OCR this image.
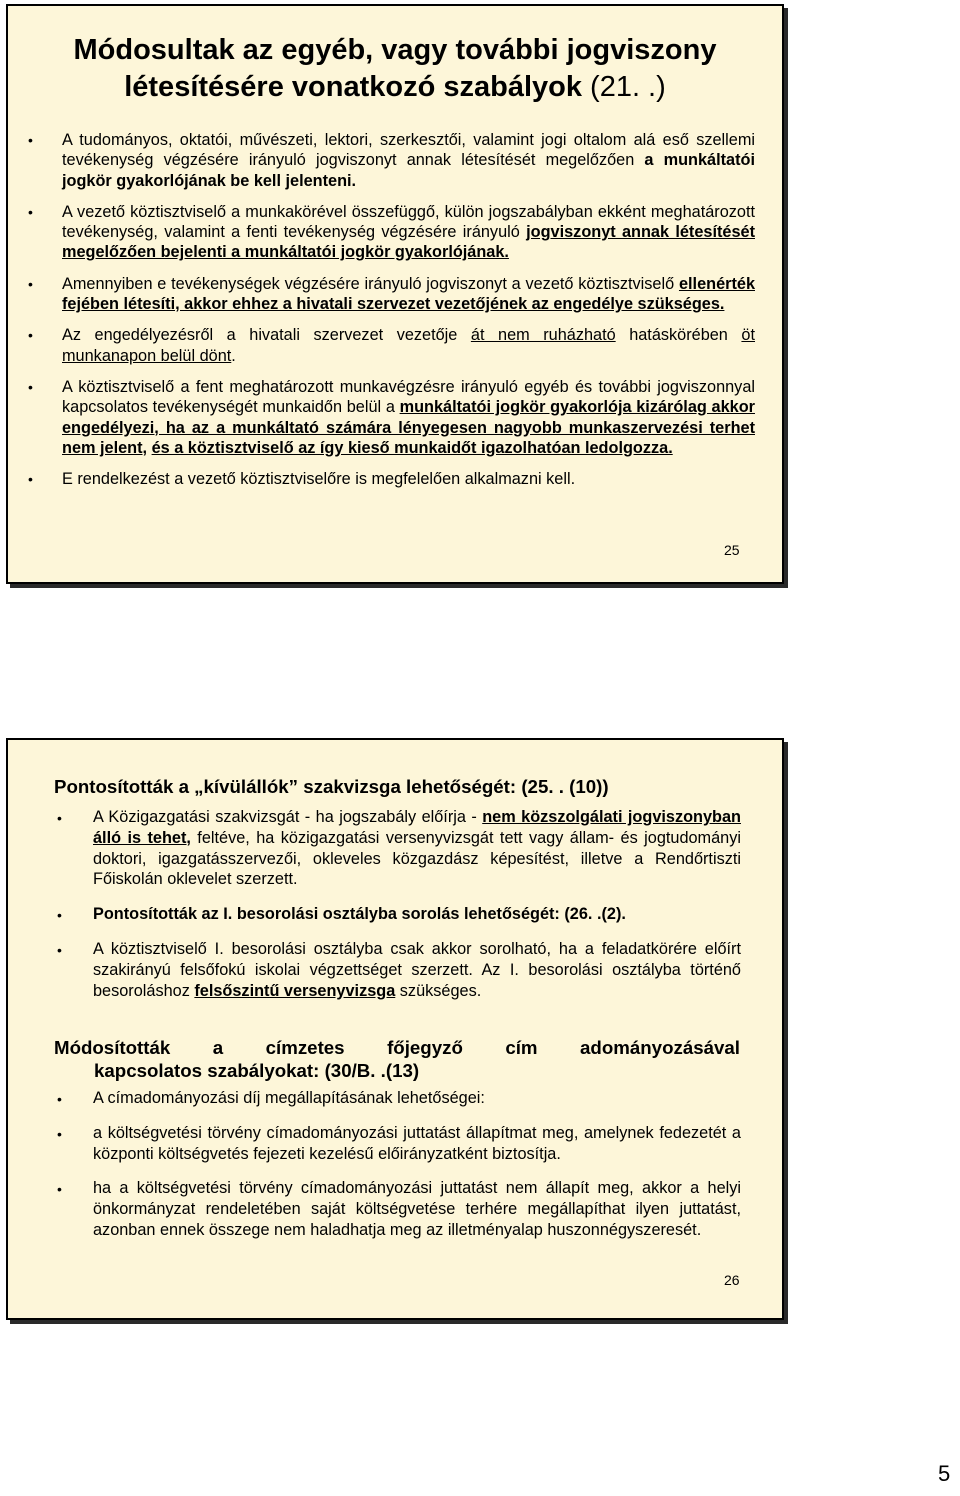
Módosultak az egyéb, vagy további jogviszony
létesítésére vonatkozó szabályok (21. .)
• A tudományos, oktatói, művészeti, lektori, szerkesztői, valamint jogi oltalom alá eső szellemi tevékenység végzésére irányuló jogviszonyt annak létesítését megelőzően a munkáltatói jogkör gyakorlójának be kell jelenteni.
• A vezető köztisztviselő a munkakörével összefüggő, külön jogszabályban ekként meghatározott tevékenység, valamint a fenti tevékenység végzésére irányuló jogviszonyt annak létesítését megelőzően bejelenti a munkáltatói jogkör gyakorlójának.
• Amennyiben e tevékenységek végzésére irányuló jogviszonyt a vezető köztisztviselő ellenérték fejében létesíti, akkor ehhez a hivatali szervezet vezetőjének az engedélye szükséges.
• Az engedélyezésről a hivatali szervezet vezetője át nem ruházható hatáskörében öt munkanapon belül dönt.
• A köztisztviselő a fent meghatározott munkavégzésre irányuló egyéb és további jogviszonnyal kapcsolatos tevékenységét munkaidőn belül a munkáltatói jogkör gyakorlója kizárólag akkor engedélyezi, ha az a munkáltató számára lényegesen nagyobb munkaszervezési terhet nem jelent, és a köztisztviselő az így kieső munkaidőt igazolhatóan ledolgozza.
• E rendelkezést a vezető köztisztviselőre is megfelelően alkalmazni kell.
25
Pontosították a „kívülállók” szakvizsga lehetőségét: (25. . (10))
• A Közigazgatási szakvizsgát - ha jogszabály előírja - nem közszolgálati jogviszonyban álló is tehet, feltéve, ha közigazgatási versenyvizsgát tett vagy állam- és jogtudományi doktori, igazgatásszervezői, okleveles közgazdász képesítést, illetve a Rendőrtiszti Főiskolán oklevelet szerzett.
• Pontosították az I. besorolási osztályba sorolás lehetőségét: (26. .(2).
• A köztisztviselő I. besorolási osztályba csak akkor sorolható, ha a feladatkörére előírt szakirányú felsőfokú iskolai végzettséget szerzett. Az I. besorolási osztályba történő besoroláshoz felsőszintű versenyvizsga szükséges.
Módosították a címzetes főjegyző cím adományozásával
kapcsolatos szabályokat: (30/B. .(13)
• A címadományozási díj megállapításának lehetőségei:
• a költségvetési törvény címadományozási juttatást állapítmat meg, amelynek fedezetét a központi költségvetés fejezeti kezelésű előirányzatként biztosítja.
• ha a költségvetési törvény címadományozási juttatást nem állapít meg, akkor a helyi önkormányzat rendeletében saját költségvetése terhére megállapíthat ilyen juttatást, azonban ennek összege nem haladhatja meg az illetményalap huszonnégyszeresét.
26
5
